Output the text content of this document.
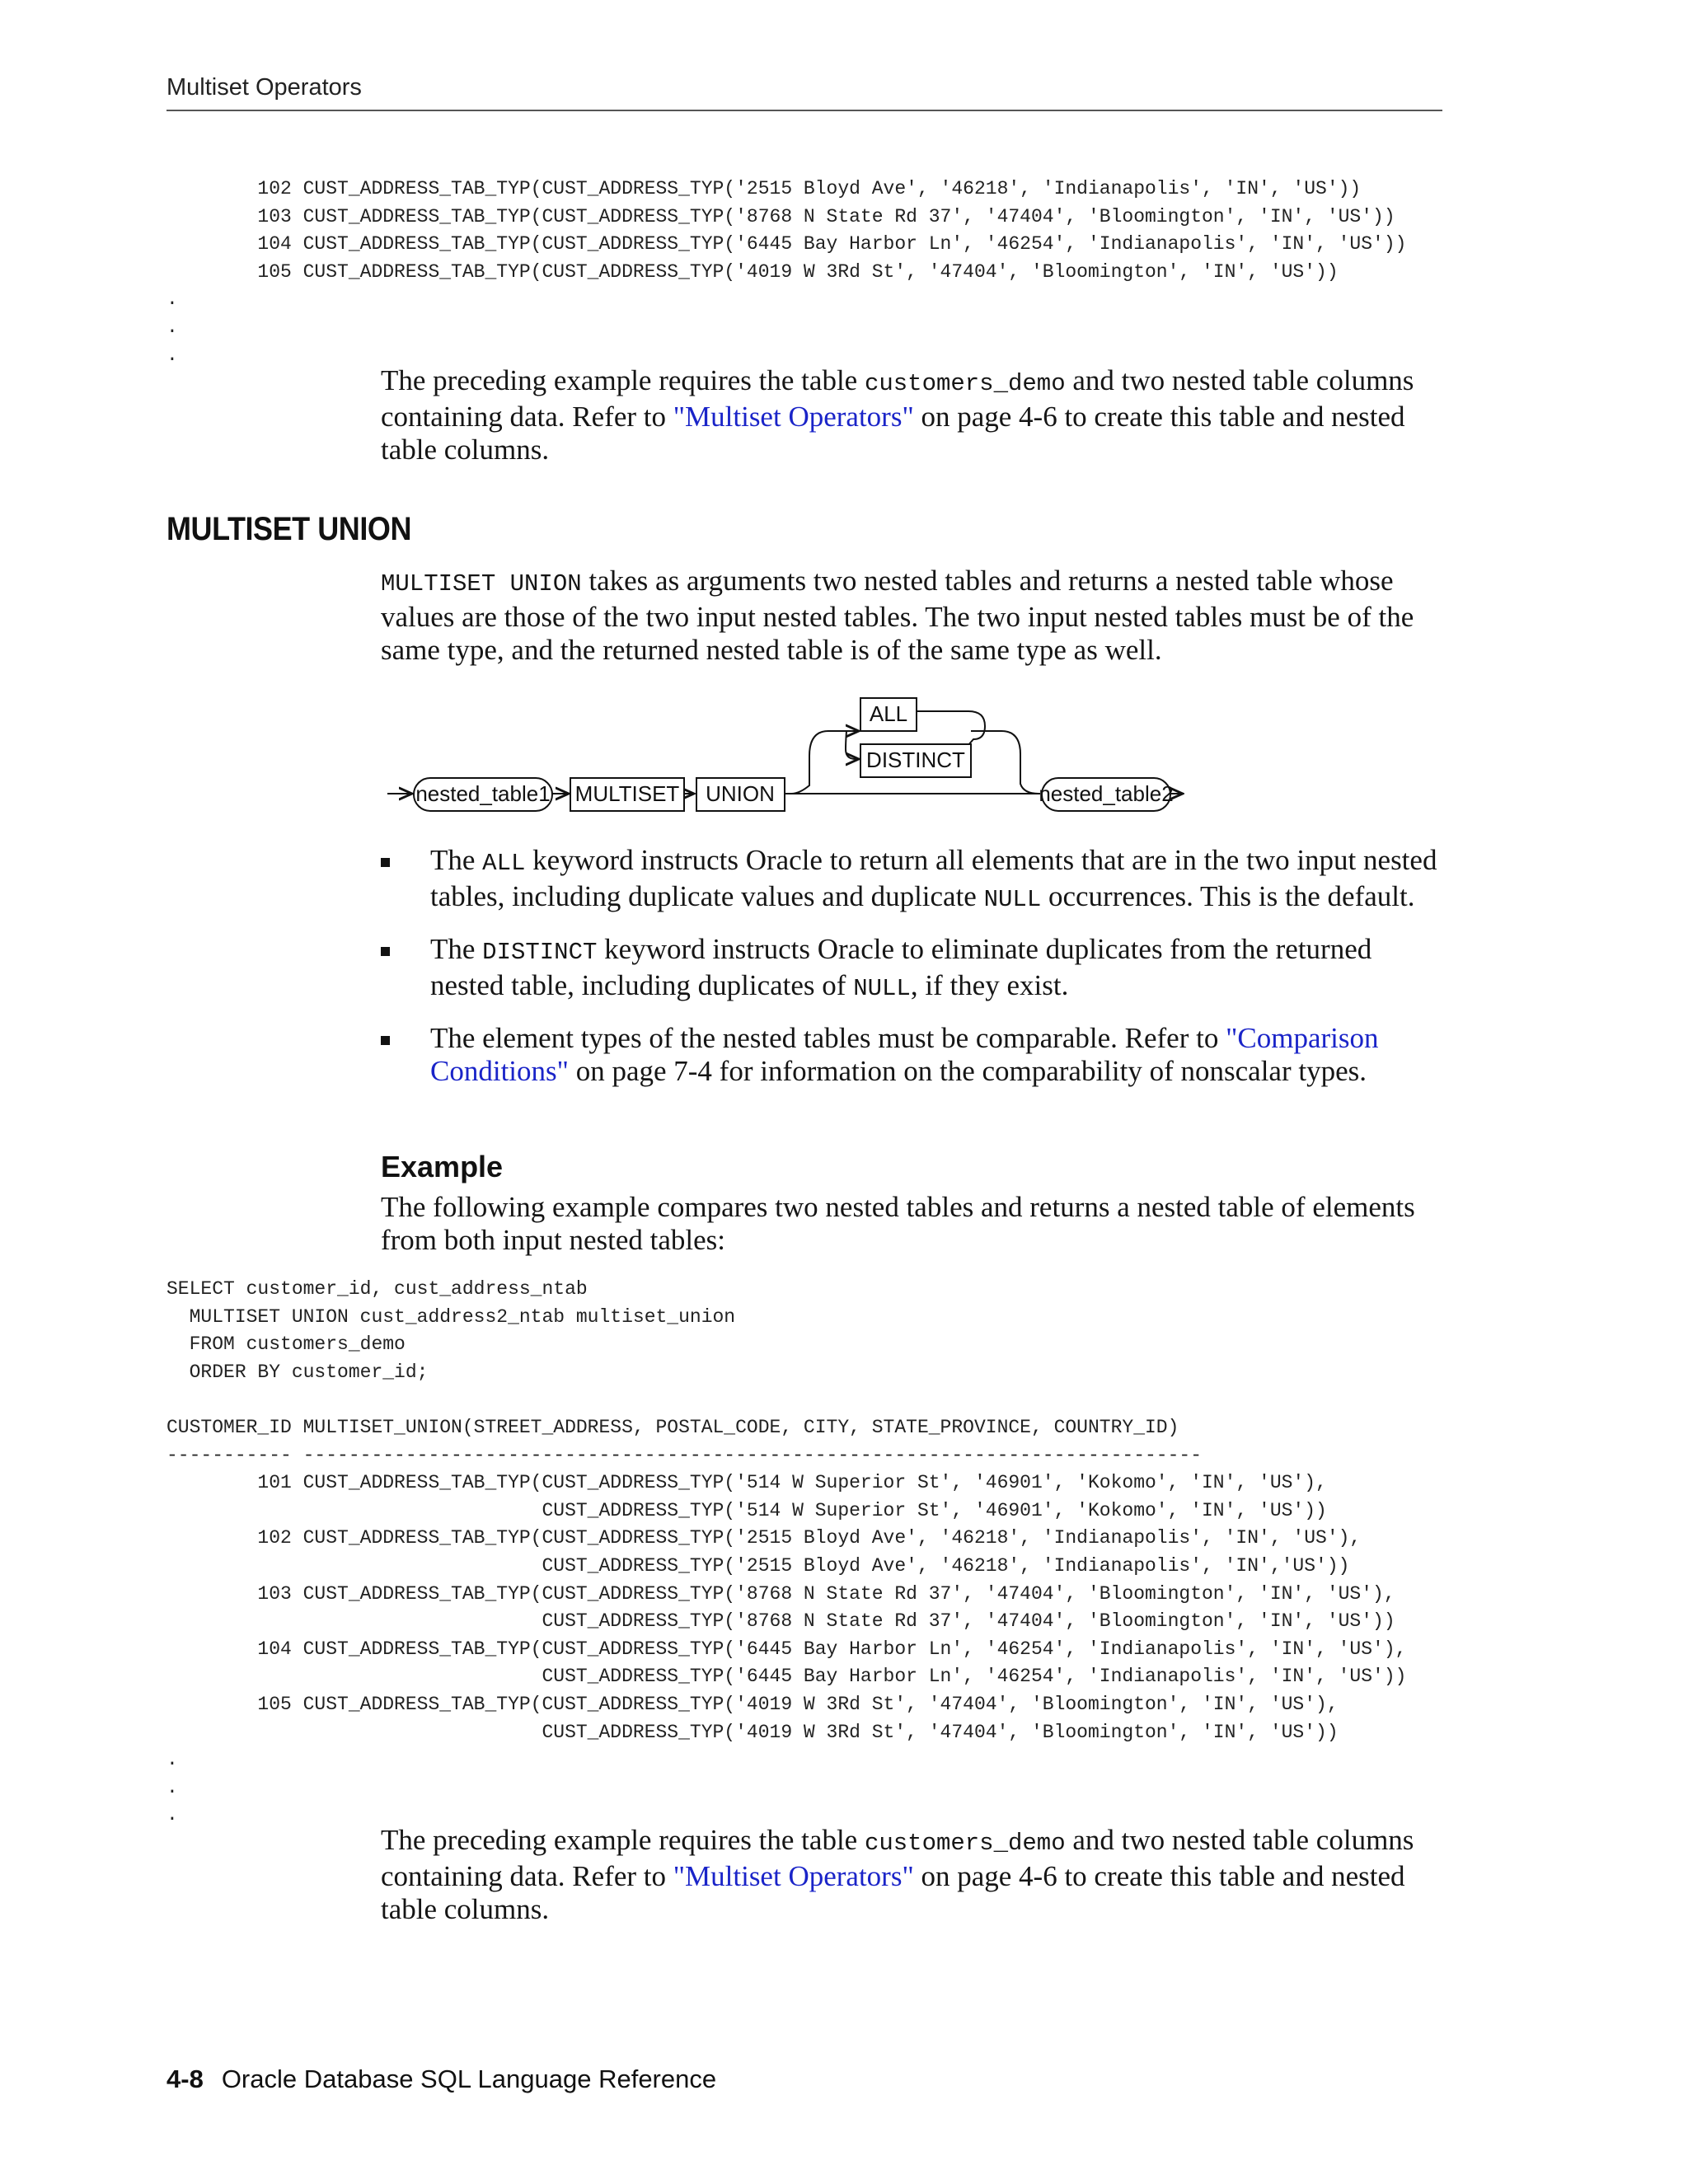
Multiset Operators
102 CUST_ADDRESS_TAB_TYP(CUST_ADDRESS_TYP('2515 Bloyd Ave', '46218', 'Indianapolis', 'IN', 'US'))
103 CUST_ADDRESS_TAB_TYP(CUST_ADDRESS_TYP('8768 N State Rd 37', '47404', 'Bloomington', 'IN', 'US'))
104 CUST_ADDRESS_TAB_TYP(CUST_ADDRESS_TYP('6445 Bay Harbor Ln', '46254', 'Indianapolis', 'IN', 'US'))
105 CUST_ADDRESS_TAB_TYP(CUST_ADDRESS_TYP('4019 W 3Rd St', '47404', 'Bloomington', 'IN', 'US'))
.
.
.

The preceding example requires the table customers_demo and two nested table columns containing data. Refer to "Multiset Operators" on page 4-6 to create this table and nested table columns.

MULTISET UNION

MULTISET UNION takes as arguments two nested tables and returns a nested table whose values are those of the two input nested tables. The two input nested tables must be of the same type, and the returned nested table is of the same type as well.

nested_table1 MULTISET UNION
ALL
DISTINCT
nested_table2
The ALL keyword instructs Oracle to return all elements that are in the two input nested tables, including duplicate values and duplicate NULL occurrences. This is the default.
The DISTINCT keyword instructs Oracle to eliminate duplicates from the returned nested table, including duplicates of NULL, if they exist.
The element types of the nested tables must be comparable. Refer to "Comparison Conditions" on page 7-4 for information on the comparability of nonscalar types.
Example

The following example compares two nested tables and returns a nested table of elements from both input nested tables:

SELECT customer_id, cust_address_ntab
MULTISET UNION cust_address2_ntab multiset_union
FROM customers_demo
ORDER BY customer_id;

CUSTOMER_ID MULTISET_UNION(STREET_ADDRESS, POSTAL_CODE, CITY, STATE_PROVINCE, COUNTRY_ID)
----------- -------------------------------------------------------------------------------
101 CUST_ADDRESS_TAB_TYP(CUST_ADDRESS_TYP('514 W Superior St', '46901', 'Kokomo', 'IN', 'US'),
CUST_ADDRESS_TYP('514 W Superior St', '46901', 'Kokomo', 'IN', 'US'))
102 CUST_ADDRESS_TAB_TYP(CUST_ADDRESS_TYP('2515 Bloyd Ave', '46218', 'Indianapolis', 'IN', 'US'),
CUST_ADDRESS_TYP('2515 Bloyd Ave', '46218', 'Indianapolis', 'IN','US'))
103 CUST_ADDRESS_TAB_TYP(CUST_ADDRESS_TYP('8768 N State Rd 37', '47404', 'Bloomington', 'IN', 'US'),
CUST_ADDRESS_TYP('8768 N State Rd 37', '47404', 'Bloomington', 'IN', 'US'))
104 CUST_ADDRESS_TAB_TYP(CUST_ADDRESS_TYP('6445 Bay Harbor Ln', '46254', 'Indianapolis', 'IN', 'US'),
CUST_ADDRESS_TYP('6445 Bay Harbor Ln', '46254', 'Indianapolis', 'IN', 'US'))
105 CUST_ADDRESS_TAB_TYP(CUST_ADDRESS_TYP('4019 W 3Rd St', '47404', 'Bloomington', 'IN', 'US'),
CUST_ADDRESS_TYP('4019 W 3Rd St', '47404', 'Bloomington', 'IN', 'US'))
.
.
.

The preceding example requires the table customers_demo and two nested table columns containing data. Refer to "Multiset Operators" on page 4-6 to create this table and nested table columns.

4-8 Oracle Database SQL Language Reference
